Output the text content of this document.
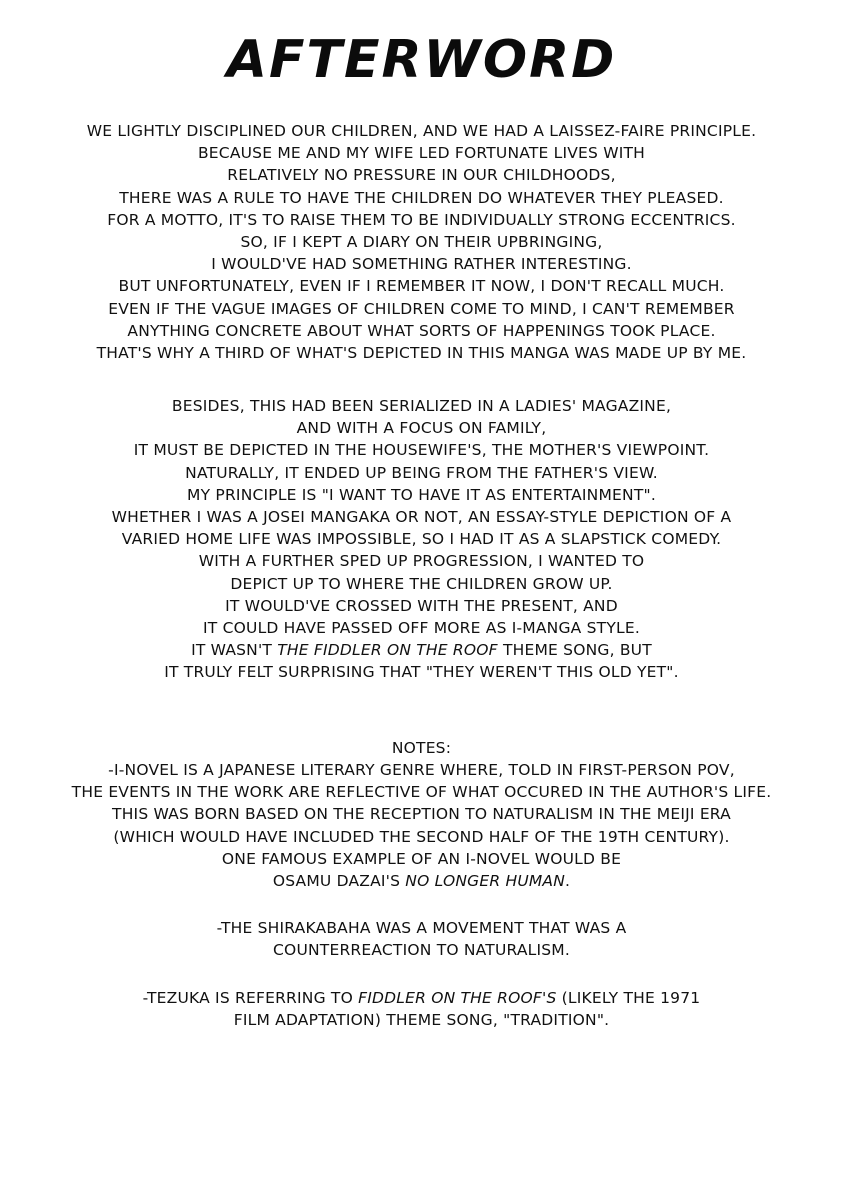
AFTERWORD
WE LIGHTLY DISCIPLINED OUR CHILDREN, AND WE HAD A LAISSEZ-FAIRE PRINCIPLE.
BECAUSE ME AND MY WIFE LED FORTUNATE LIVES WITH
RELATIVELY NO PRESSURE IN OUR CHILDHOODS,
THERE WAS A RULE TO HAVE THE CHILDREN DO WHATEVER THEY PLEASED.
FOR A MOTTO, IT'S TO RAISE THEM TO BE INDIVIDUALLY STRONG ECCENTRICS.
SO, IF I KEPT A DIARY ON THEIR UPBRINGING,
I WOULD'VE HAD SOMETHING RATHER INTERESTING.
BUT UNFORTUNATELY, EVEN IF I REMEMBER IT NOW, I DON'T RECALL MUCH.
EVEN IF THE VAGUE IMAGES OF CHILDREN COME TO MIND, I CAN'T REMEMBER
ANYTHING CONCRETE ABOUT WHAT SORTS OF HAPPENINGS TOOK PLACE.
THAT'S WHY A THIRD OF WHAT'S DEPICTED IN THIS MANGA WAS MADE UP BY ME.
BESIDES, THIS HAD BEEN SERIALIZED IN A LADIES' MAGAZINE,
AND WITH A FOCUS ON FAMILY,
IT MUST BE DEPICTED IN THE HOUSEWIFE'S, THE MOTHER'S VIEWPOINT.
NATURALLY, IT ENDED UP BEING FROM THE FATHER'S VIEW.
MY PRINCIPLE IS "I WANT TO HAVE IT AS ENTERTAINMENT".
WHETHER I WAS A JOSEI MANGAKA OR NOT, AN ESSAY-STYLE DEPICTION OF A
VARIED HOME LIFE WAS IMPOSSIBLE, SO I HAD IT AS A SLAPSTICK COMEDY.
WITH A FURTHER SPED UP PROGRESSION, I WANTED TO
DEPICT UP TO WHERE THE CHILDREN GROW UP.
IT WOULD'VE CROSSED WITH THE PRESENT, AND
IT COULD HAVE PASSED OFF MORE AS I-MANGA STYLE.
IT WASN'T THE FIDDLER ON THE ROOF THEME SONG, BUT
IT TRULY FELT SURPRISING THAT "THEY WEREN'T THIS OLD YET".
NOTES:
-I-NOVEL IS A JAPANESE LITERARY GENRE WHERE, TOLD IN FIRST-PERSON POV,
THE EVENTS IN THE WORK ARE REFLECTIVE OF WHAT OCCURED IN THE AUTHOR'S LIFE.
THIS WAS BORN BASED ON THE RECEPTION TO NATURALISM IN THE MEIJI ERA
(WHICH WOULD HAVE INCLUDED THE SECOND HALF OF THE 19TH CENTURY).
ONE FAMOUS EXAMPLE OF AN I-NOVEL WOULD BE
OSAMU DAZAI'S NO LONGER HUMAN.
-THE SHIRAKABAHA WAS A MOVEMENT THAT WAS A
COUNTERREACTION TO NATURALISM.
-TEZUKA IS REFERRING TO FIDDLER ON THE ROOF'S (LIKELY THE 1971
FILM ADAPTATION) THEME SONG, "TRADITION".
